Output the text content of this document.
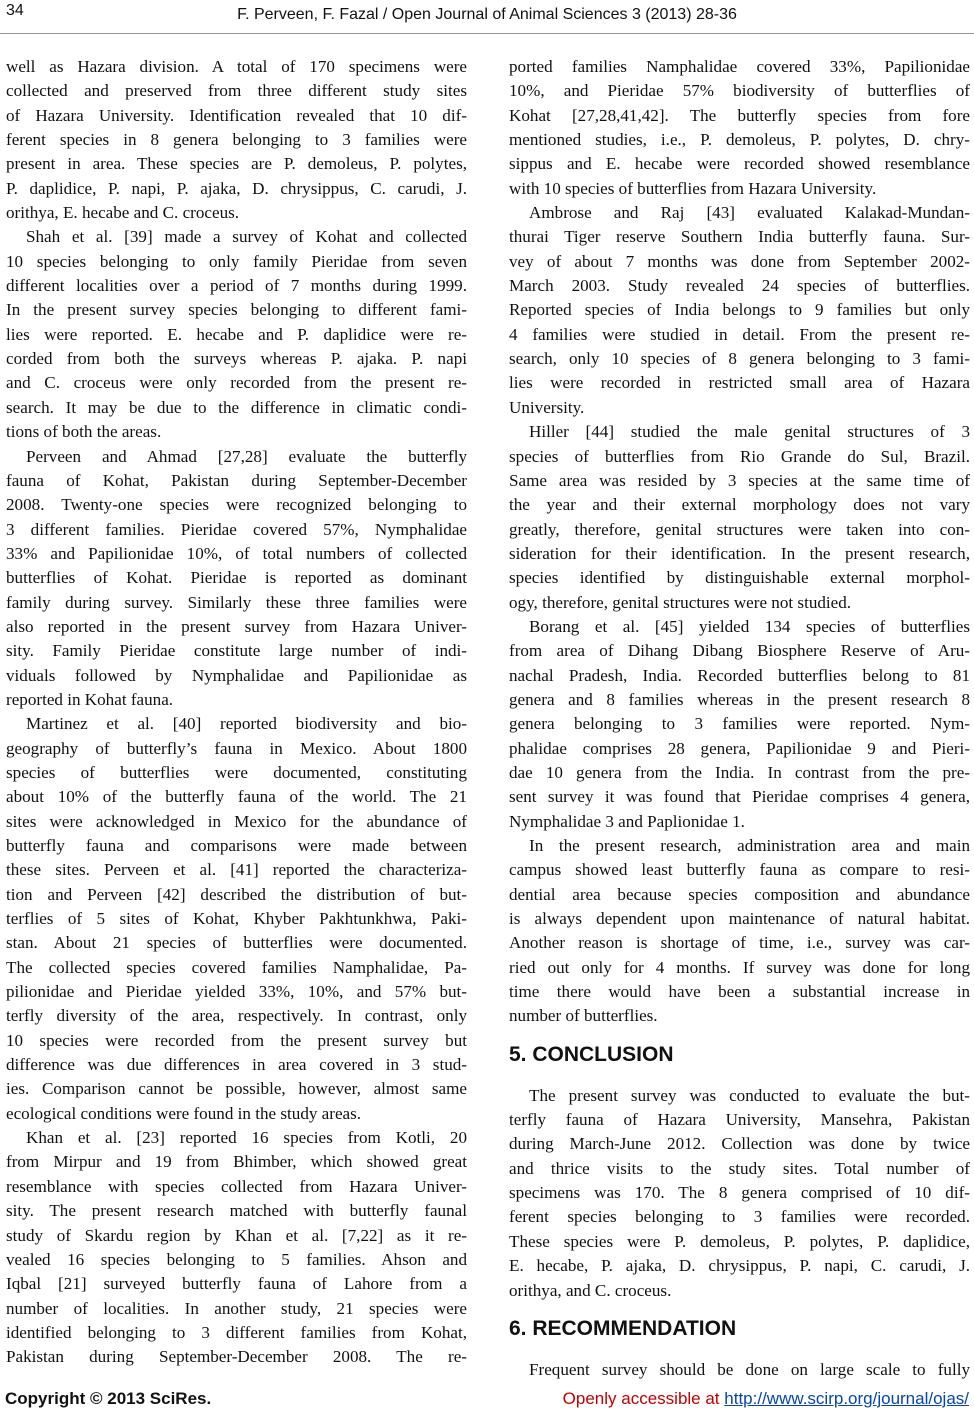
34	F. Perveen, F. Fazal / Open Journal of Animal Sciences 3 (2013) 28-36

well as Hazara division. A total of 170 specimens were
collected and preserved from three different study sites
of Hazara University. Identification revealed that 10 dif-
ferent species in 8 genera belonging to 3 families were
present in area. These species are P. demoleus, P. polytes,
P. daplidice, P. napi, P. ajaka, D. chrysippus, C. carudi, J.
orithya, E. hecabe and C. croceus.

Shah et al. [39] made a survey of Kohat and collected
10 species belonging to only family Pieridae from seven
different localities over a period of 7 months during 1999.
In the present survey species belonging to different fami-
lies were reported. E. hecabe and P. daplidice were re-
corded from both the surveys whereas P. ajaka. P. napi
and C. croceus were only recorded from the present re-
search. It may be due to the difference in climatic condi-
tions of both the areas.

Perveen and Ahmad [27,28] evaluate the butterfly
fauna of Kohat, Pakistan during September-December
2008. Twenty-one species were recognized belonging to
3 different families. Pieridae covered 57%, Nymphalidae
33% and Papilionidae 10%, of total numbers of collected
butterflies of Kohat. Pieridae is reported as dominant
family during survey. Similarly these three families were
also reported in the present survey from Hazara Univer-
sity. Family Pieridae constitute large number of indi-
viduals followed by Nymphalidae and Papilionidae as
reported in Kohat fauna.

Martinez et al. [40] reported biodiversity and bio-
geography of butterfly’s fauna in Mexico. About 1800
species of butterflies were documented, constituting
about 10% of the butterfly fauna of the world. The 21
sites were acknowledged in Mexico for the abundance of
butterfly fauna and comparisons were made between
these sites. Perveen et al. [41] reported the characteriza-
tion and Perveen [42] described the distribution of but-
terflies of 5 sites of Kohat, Khyber Pakhtunkhwa, Paki-
stan. About 21 species of butterflies were documented.
The collected species covered families Namphalidae, Pa-
pilionidae and Pieridae yielded 33%, 10%, and 57% but-
terfly diversity of the area, respectively. In contrast, only
10 species were recorded from the present survey but
difference was due differences in area covered in 3 stud-
ies. Comparison cannot be possible, however, almost same
ecological conditions were found in the study areas.

Khan et al. [23] reported 16 species from Kotli, 20
from Mirpur and 19 from Bhimber, which showed great
resemblance with species collected from Hazara Univer-
sity. The present research matched with butterfly faunal
study of Skardu region by Khan et al. [7,22] as it re-
vealed 16 species belonging to 5 families. Ahson and
Iqbal [21] surveyed butterfly fauna of Lahore from a
number of localities. In another study, 21 species were
identified belonging to 3 different families from Kohat,
Pakistan during September-December 2008. The re-

ported families Namphalidae covered 33%, Papilionidae
10%, and Pieridae 57% biodiversity of butterflies of
Kohat [27,28,41,42]. The butterfly species from fore
mentioned studies, i.e., P. demoleus, P. polytes, D. chry-
sippus and E. hecabe were recorded showed resemblance
with 10 species of butterflies from Hazara University.

Ambrose and Raj [43] evaluated Kalakad-Mundan-
thurai Tiger reserve Southern India butterfly fauna. Sur-
vey of about 7 months was done from September 2002-
March 2003. Study revealed 24 species of butterflies.
Reported species of India belongs to 9 families but only
4 families were studied in detail. From the present re-
search, only 10 species of 8 genera belonging to 3 fami-
lies were recorded in restricted small area of Hazara
University.

Hiller [44] studied the male genital structures of 3
species of butterflies from Rio Grande do Sul, Brazil.
Same area was resided by 3 species at the same time of
the year and their external morphology does not vary
greatly, therefore, genital structures were taken into con-
sideration for their identification. In the present research,
species identified by distinguishable external morphol-
ogy, therefore, genital structures were not studied.

Borang et al. [45] yielded 134 species of butterflies
from area of Dihang Dibang Biosphere Reserve of Aru-
nachal Pradesh, India. Recorded butterflies belong to 81
genera and 8 families whereas in the present research 8
genera belonging to 3 families were reported. Nym-
phalidae comprises 28 genera, Papilionidae 9 and Pieri-
dae 10 genera from the India. In contrast from the pre-
sent survey it was found that Pieridae comprises 4 genera,
Nymphalidae 3 and Paplionidae 1.

In the present research, administration area and main
campus showed least butterfly fauna as compare to resi-
dential area because species composition and abundance
is always dependent upon maintenance of natural habitat.
Another reason is shortage of time, i.e., survey was car-
ried out only for 4 months. If survey was done for long
time there would have been a substantial increase in
number of butterflies.

5. CONCLUSION

The present survey was conducted to evaluate the but-
terfly fauna of Hazara University, Mansehra, Pakistan
during March-June 2012. Collection was done by twice
and thrice visits to the study sites. Total number of
specimens was 170. The 8 genera comprised of 10 dif-
ferent species belonging to 3 families were recorded.
These species were P. demoleus, P. polytes, P. daplidice,
E. hecabe, P. ajaka, D. chrysippus, P. napi, C. carudi, J.
orithya, and C. croceus.

6. RECOMMENDATION

Frequent survey should be done on large scale to fully

Copyright © 2013 SciRes.	Openly accessible at http://www.scirp.org/journal/ojas/
